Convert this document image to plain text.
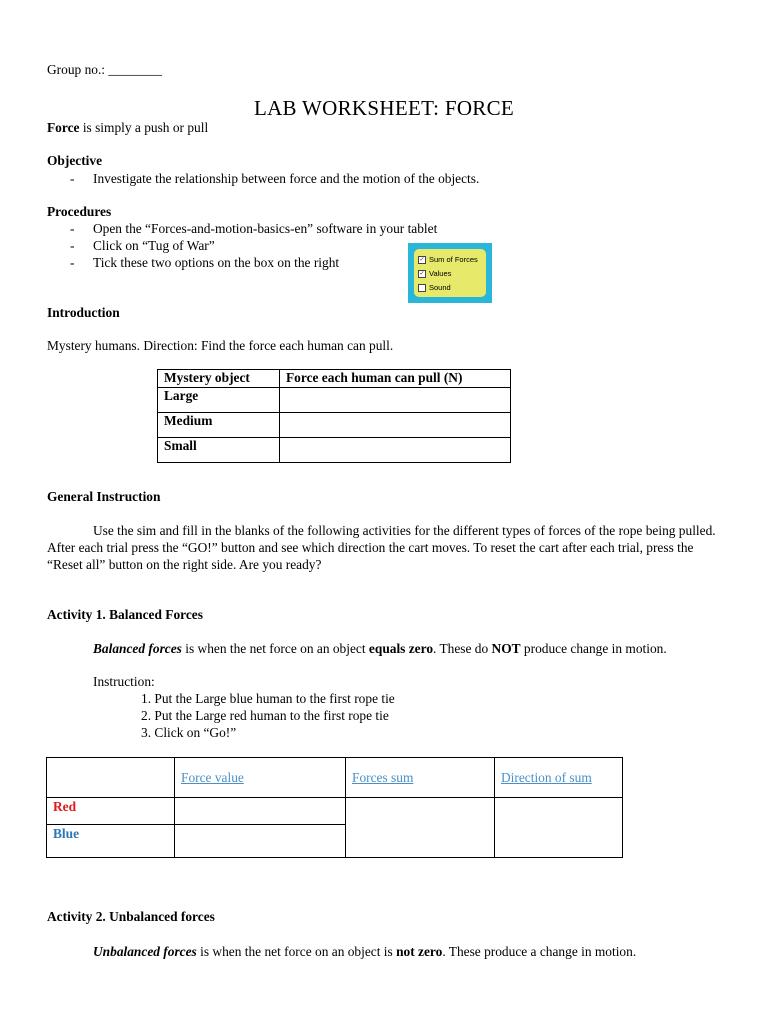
Group no.: ________
LAB WORKSHEET: FORCE
Force is simply a push or pull
Objective
- Investigate the relationship between force and the motion of the objects.
Procedures
- Open the “Forces-and-motion-basics-en” software in your tablet
- Click on “Tug of War”
- Tick these two options on the box on the right	✓ Sum of Forces
✓ Values
Sound
Introduction
Mystery humans. Direction: Find the force each human can pull.
Mystery object	Force each human can pull (N)
Large	
Medium	
Small	
General Instruction

Use the sim and fill in the blanks of the following activities for the different types of forces of the rope being pulled. After each trial press the “GO!” button and see which direction the cart moves. To reset the cart after each trial, press the “Reset all” button on the right side. Are you ready?

Activity 1. Balanced Forces

Balanced forces is when the net force on an object equals zero. These do NOT produce change in motion.

Instruction:
1. Put the Large blue human to the first rope tie
2. Put the Large red human to the first rope tie
3. Click on “Go!”
	Force value	Forces sum	Direction of sum
Red			
Blue			
Activity 2. Unbalanced forces

Unbalanced forces is when the net force on an object is not zero. These produce a change in motion.
